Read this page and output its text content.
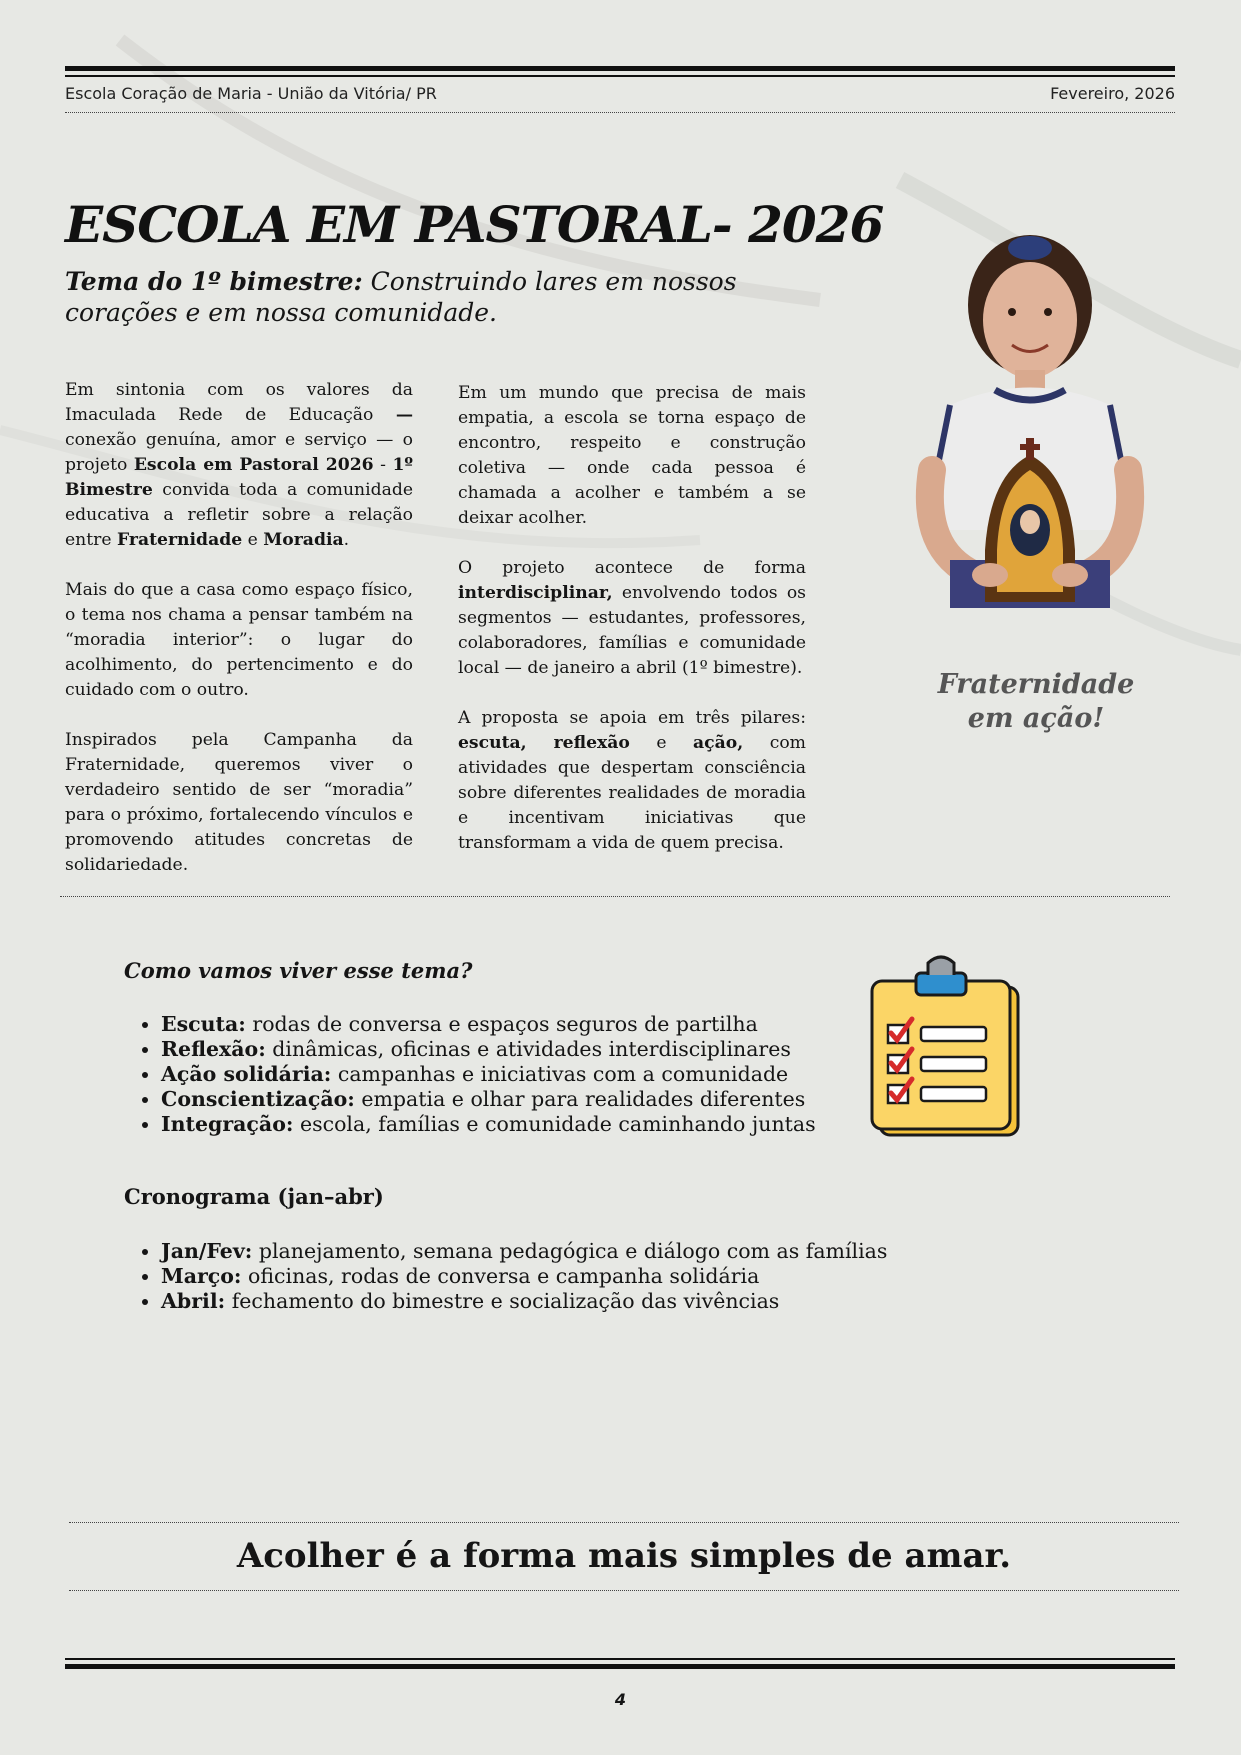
Escola Coração de Maria - União da Vitória/ PR	Fevereiro, 2026
ESCOLA EM PASTORAL- 2026

Tema do 1º bimestre: Construindo lares em nossos corações e em nossa comunidade.

Em sintonia com os valores da Imaculada Rede de Educação — conexão genuína, amor e serviço — o projeto Escola em Pastoral 2026 - 1º Bimestre convida toda a comunidade educativa a refletir sobre a relação entre Fraternidade e Moradia.

Mais do que a casa como espaço físico, o tema nos chama a pensar também na “moradia interior”: o lugar do acolhimento, do pertencimento e do cuidado com o outro.

Inspirados pela Campanha da Fraternidade, queremos viver o verdadeiro sentido de ser “moradia” para o próximo, fortalecendo vínculos e promovendo atitudes concretas de solidariedade.

Em um mundo que precisa de mais empatia, a escola se torna espaço de encontro, respeito e construção coletiva — onde cada pessoa é chamada a acolher e também a se deixar acolher.

O projeto acontece de forma interdisciplinar, envolvendo todos os segmentos — estudantes, professores, colaboradores, famílias e comunidade local — de janeiro a abril (1º bimestre).

A proposta se apoia em três pilares: escuta, reflexão e ação, com atividades que despertam consciência sobre diferentes realidades de moradia e incentivam iniciativas que transformam a vida de quem precisa.

Fraternidade
em ação!
Como vamos viver esse tema?
• Escuta: rodas de conversa e espaços seguros de partilha
• Reflexão: dinâmicas, oficinas e atividades interdisciplinares
• Ação solidária: campanhas e iniciativas com a comunidade
• Conscientização: empatia e olhar para realidades diferentes
• Integração: escola, famílias e comunidade caminhando juntas
Cronograma (jan–abr)
• Jan/Fev: planejamento, semana pedagógica e diálogo com as famílias
• Março: oficinas, rodas de conversa e campanha solidária
• Abril: fechamento do bimestre e socialização das vivências

Acolher é a forma mais simples de amar.

4
